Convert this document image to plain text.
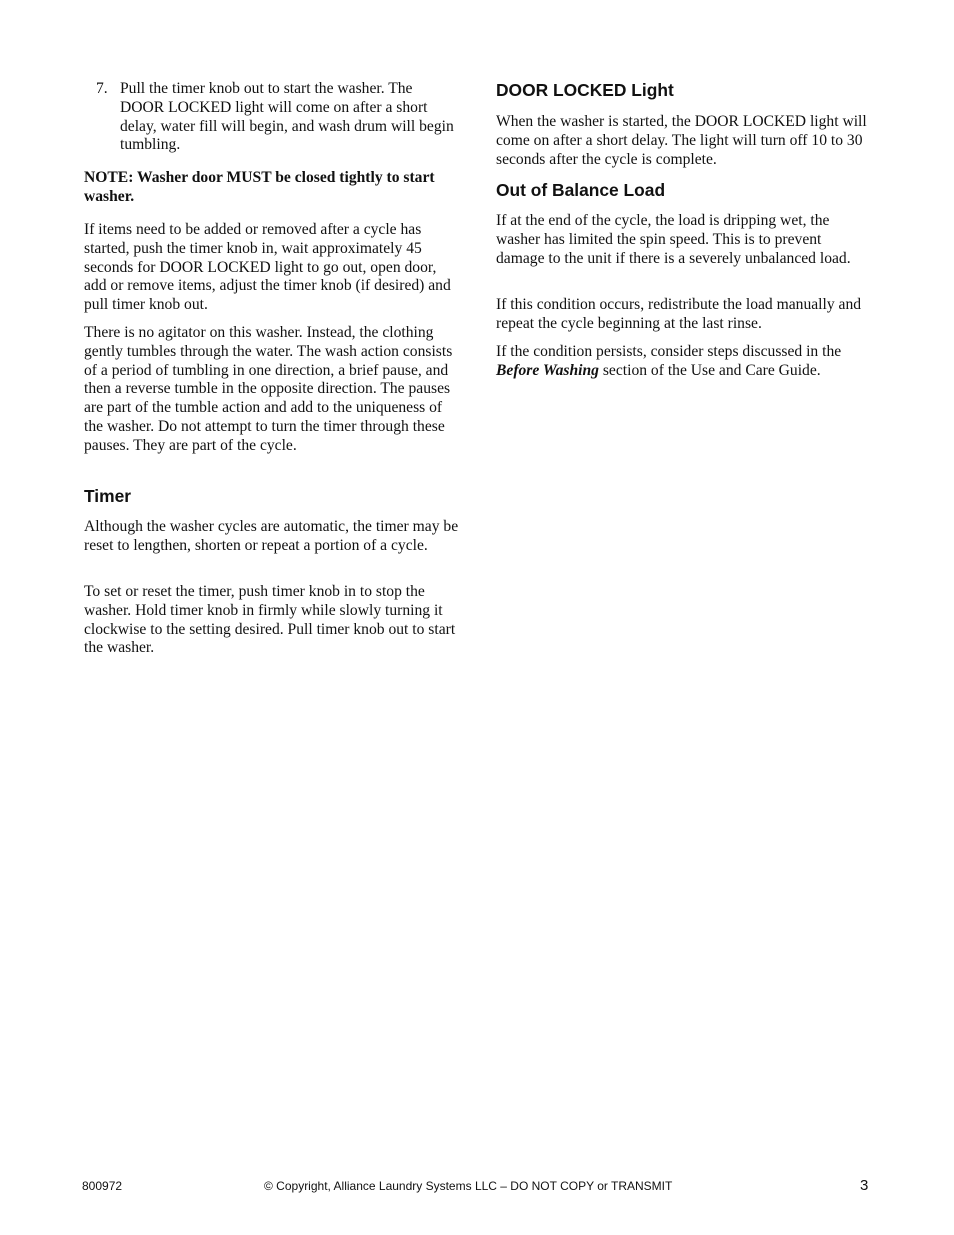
7. Pull the timer knob out to start the washer. The DOOR LOCKED light will come on after a short delay, water fill will begin, and wash drum will begin tumbling.

NOTE: Washer door MUST be closed tightly to start washer.

If items need to be added or removed after a cycle has started, push the timer knob in, wait approximately 45 seconds for DOOR LOCKED light to go out, open door, add or remove items, adjust the timer knob (if desired) and pull timer knob out.

There is no agitator on this washer. Instead, the clothing gently tumbles through the water. The wash action consists of a period of tumbling in one direction, a brief pause, and then a reverse tumble in the opposite direction. The pauses are part of the tumble action and add to the uniqueness of the washer. Do not attempt to turn the timer through these pauses. They are part of the cycle.

Timer

Although the washer cycles are automatic, the timer may be reset to lengthen, shorten or repeat a portion of a cycle.

To set or reset the timer, push timer knob in to stop the washer. Hold timer knob in firmly while slowly turning it clockwise to the setting desired. Pull timer knob out to start the washer.

DOOR LOCKED Light

When the washer is started, the DOOR LOCKED light will come on after a short delay. The light will turn off 10 to 30 seconds after the cycle is complete.

Out of Balance Load

If at the end of the cycle, the load is dripping wet, the washer has limited the spin speed. This is to prevent damage to the unit if there is a severely unbalanced load.

If this condition occurs, redistribute the load manually and repeat the cycle beginning at the last rinse.

If the condition persists, consider steps discussed in the Before Washing section of the Use and Care Guide.

800972	© Copyright, Alliance Laundry Systems LLC – DO NOT COPY or TRANSMIT	3
